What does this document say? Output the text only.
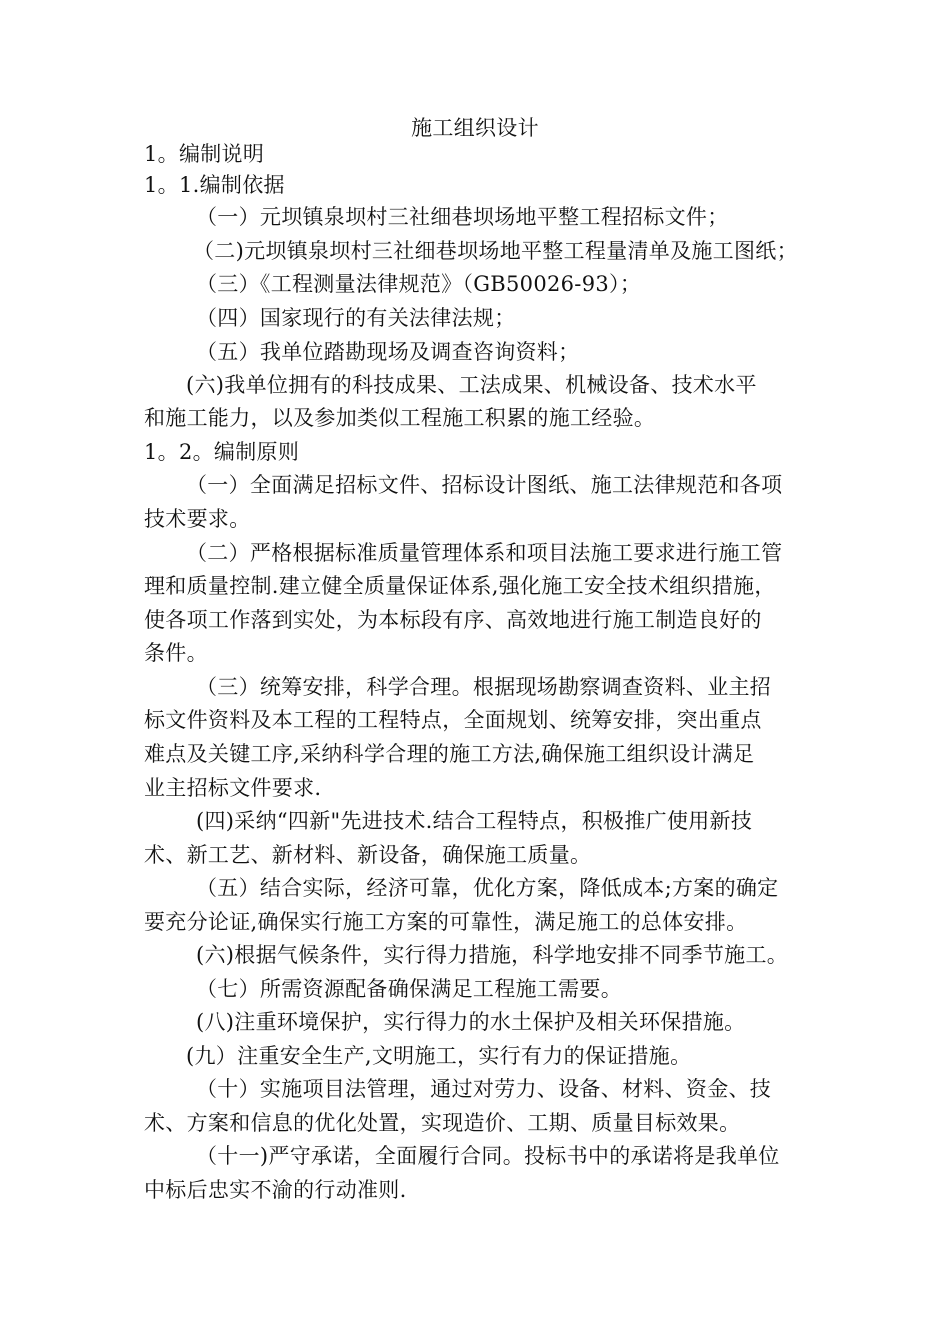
施工组织设计
1。编制说明
1。1.编制依据
（一）元坝镇泉坝村三社细巷坝场地平整工程招标文件；
（二)元坝镇泉坝村三社细巷坝场地平整工程量清单及施工图纸；
（三）《工程测量法律规范》（GB50026-93）；
（四）国家现行的有关法律法规；
（五）我单位踏勘现场及调查咨询资料；
(六)我单位拥有的科技成果、工法成果、机械设备、技术水平
和施工能力，以及参加类似工程施工积累的施工经验。
1。2。编制原则
（一）全面满足招标文件、招标设计图纸、施工法律规范和各项
技术要求。
（二）严格根据标准质量管理体系和项目法施工要求进行施工管
理和质量控制.建立健全质量保证体系,强化施工安全技术组织措施，
使各项工作落到实处，为本标段有序、高效地进行施工制造良好的
条件。
（三）统筹安排，科学合理。根据现场勘察调查资料、业主招
标文件资料及本工程的工程特点，全面规划、统筹安排，突出重点
难点及关键工序,采纳科学合理的施工方法,确保施工组织设计满足
业主招标文件要求.
(四)采纳“四新"先进技术.结合工程特点，积极推广使用新技
术、新工艺、新材料、新设备，确保施工质量。
（五）结合实际，经济可靠，优化方案，降低成本;方案的确定
要充分论证,确保实行施工方案的可靠性，满足施工的总体安排。
(六)根据气候条件，实行得力措施，科学地安排不同季节施工。
（七）所需资源配备确保满足工程施工需要。
(八)注重环境保护，实行得力的水土保护及相关环保措施。
(九）注重安全生产,文明施工，实行有力的保证措施。
（十）实施项目法管理，通过对劳力、设备、材料、资金、技
术、方案和信息的优化处置，实现造价、工期、质量目标效果。
（十一)严守承诺，全面履行合同。投标书中的承诺将是我单位
中标后忠实不渝的行动准则.
